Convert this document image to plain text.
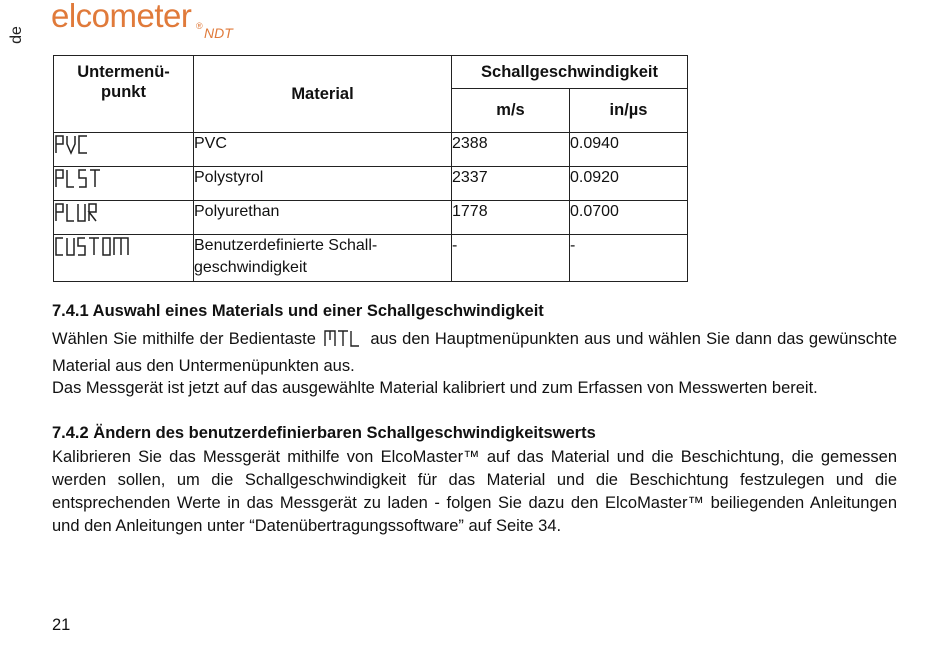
de
elcometer ® NDT
Untermenü-
punkt	Material	Schallgeschwindigkeit	
		m/s	in/µs
	PVC	2388	0.0940
	Polystyrol	2337	0.0920
	Polyurethan	1778	0.0700
	Benutzerdefinierte Schall-
geschwindigkeit	-	-
7.4.1 Auswahl eines Materials und einer Schallgeschwindigkeit
Wählen Sie mithilfe der Bedientaste	aus den Hauptmenüpunkten aus und wählen Sie dann das gewünschte Material aus den Untermenüpunkten aus.
Das Messgerät ist jetzt auf das ausgewählte Material kalibriert und zum Erfassen von Messwerten bereit.
7.4.2 Ändern des benutzerdefinierbaren Schallgeschwindigkeitswerts
Kalibrieren Sie das Messgerät mithilfe von ElcoMaster™ auf das Material und die Beschichtung, die gemessen werden sollen, um die Schallgeschwindigkeit für das Material und die Beschichtung festzulegen und die entsprechenden Werte in das Messgerät zu laden - folgen Sie dazu den ElcoMaster™ beiliegenden Anleitungen und den Anleitungen unter “Datenübertragungssoftware” auf Seite 34.
21
